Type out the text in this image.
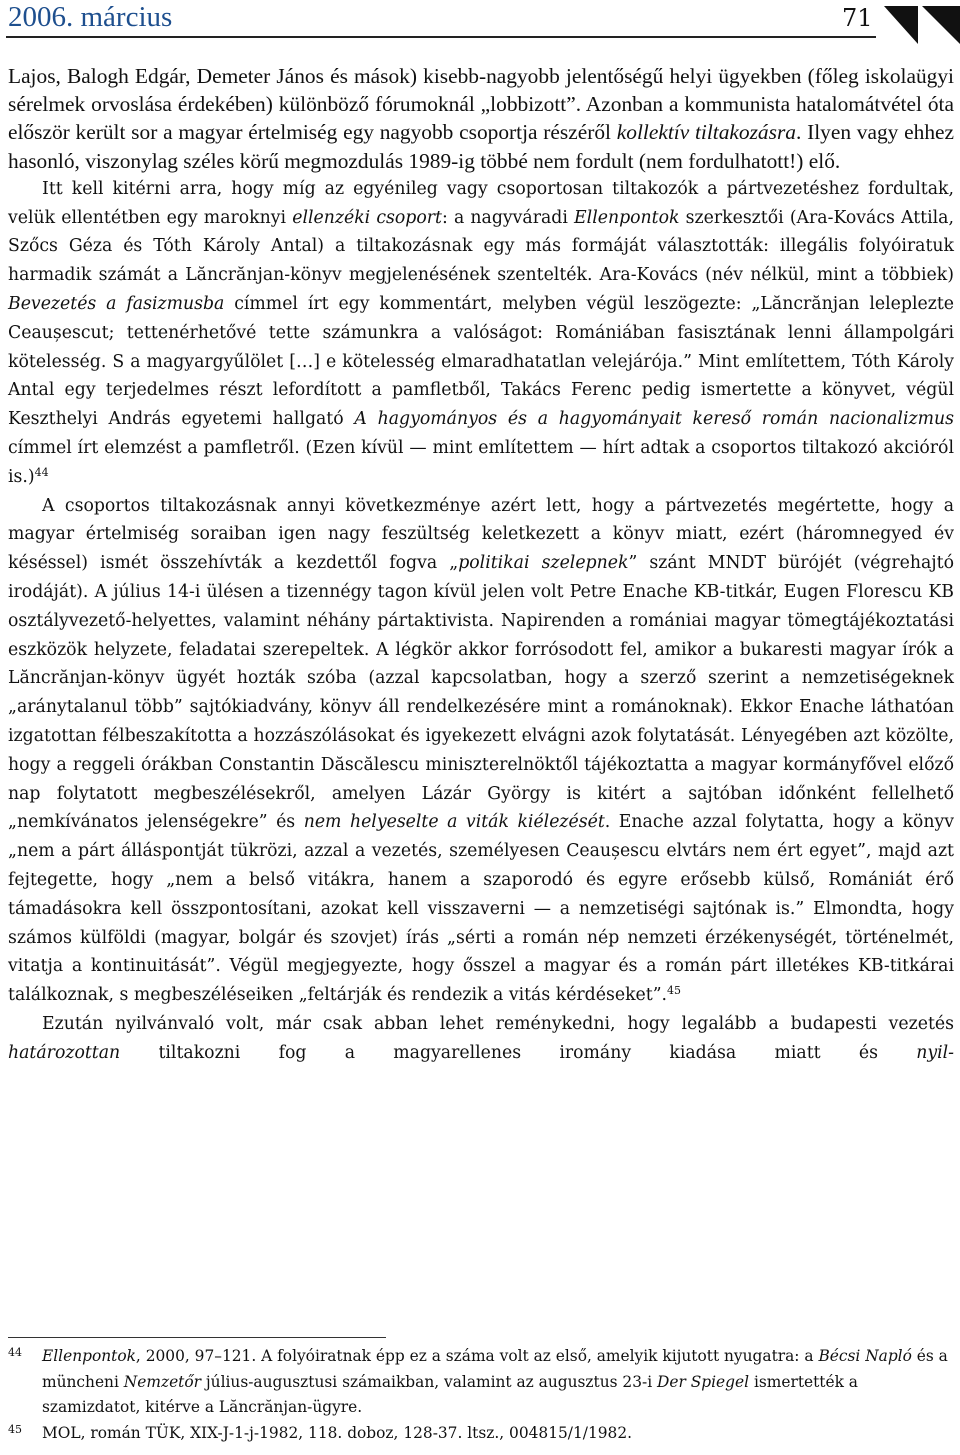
2006. március	71

Lajos, Balogh Edgár, Demeter János és mások) kisebb-nagyobb jelentőségű helyi ügyekben (főleg iskolaügyi sérelmek orvoslása érdekében) különböző fórumoknál „lobbizott”. Azonban a kommunista hatalomátvétel óta először került sor a magyar értelmiség egy nagyobb csoportja részéről kollektív tiltakozásra. Ilyen vagy ehhez hasonló, viszonylag széles körű megmozdulás 1989-ig többé nem fordult (nem fordulhatott!) elő.

Itt kell kitérni arra, hogy míg az egyénileg vagy csoportosan tiltakozók a pártvezetéshez fordultak, velük ellentétben egy maroknyi ellenzéki csoport: a nagyváradi Ellenpontok szerkesztői (Ara-Kovács Attila, Szőcs Géza és Tóth Károly Antal) a tiltakozásnak egy más formáját választották: illegális folyóiratuk harmadik számát a Lăncrănjan-könyv megjelenésének szentelték. Ara-Kovács (név nélkül, mint a többiek) Bevezetés a fasizmusba címmel írt egy kommentárt, melyben végül leszögezte: „Lăncrănjan leleplezte Ceaușescut; tettenérhetővé tette számunkra a valóságot: Romániában fasisztának lenni állampolgári kötelesség. S a magyargyűlölet […] e kötelesség elmaradhatatlan velejárója.” Mint említettem, Tóth Károly Antal egy terjedelmes részt lefordított a pamfletből, Takács Ferenc pedig ismertette a könyvet, végül Keszthelyi András egyetemi hallgató A hagyományos és a hagyományait kereső román nacionalizmus címmel írt elemzést a pamfletről. (Ezen kívül — mint említettem — hírt adtak a csoportos tiltakozó akcióról is.)$^{44}$

A csoportos tiltakozásnak annyi következménye azért lett, hogy a pártvezetés megértette, hogy a magyar értelmiség soraiban igen nagy feszültség keletkezett a könyv miatt, ezért (háromnegyed év késéssel) ismét összehívták a kezdettől fogva „politikai szelepnek” szánt MNDT bürójét (végrehajtó irodáját). A július 14-i ülésen a tizennégy tagon kívül jelen volt Petre Enache KB-titkár, Eugen Florescu KB osztályvezető-helyettes, valamint néhány pártaktivista. Napirenden a romániai magyar tömegtájékoztatási eszközök helyzete, feladatai szerepeltek. A légkör akkor forrósodott fel, amikor a bukaresti magyar írók a Lăncrănjan-könyv ügyét hozták szóba (azzal kapcsolatban, hogy a szerző szerint a nemzetiségeknek „aránytalanul több” sajtókiadvány, könyv áll rendelkezésére mint a románoknak). Ekkor Enache láthatóan izgatottan félbeszakította a hozzászólásokat és igyekezett elvágni azok folytatását. Lényegében azt közölte, hogy a reggeli órákban Constantin Dăscălescu miniszterelnöktől tájékoztatta a magyar kormányfővel előző nap folytatott megbeszélésekről, amelyen Lázár György is kitért a sajtóban időnként fellelhető „nemkívánatos jelenségekre” és nem helyeselte a viták kiélezését. Enache azzal folytatta, hogy a könyv „nem a párt álláspontját tükrözi, azzal a vezetés, személyesen Ceaușescu elvtárs nem ért egyet”, majd azt fejtegette, hogy „nem a belső vitákra, hanem a szaporodó és egyre erősebb külső, Romániát érő támadásokra kell összpontosítani, azokat kell visszaverni — a nemzetiségi sajtónak is.” Elmondta, hogy számos külföldi (magyar, bolgár és szovjet) írás „sérti a román nép nemzeti érzékenységét, történelmét, vitatja a kontinuitását”. Végül megjegyezte, hogy ősszel a magyar és a román párt illetékes KB-titkárai találkoznak, s megbeszéléseiken „feltárják és rendezik a vitás kérdéseket”.$^{45}$

Ezután nyilvánvaló volt, már csak abban lehet reménykedni, hogy legalább a budapesti vezetés határozottan tiltakozni fog a magyarellenes iromány kiadása miatt és nyil-

44 Ellenpontok, 2000, 97–121. A folyóiratnak épp ez a száma volt az első, amelyik kijutott nyugatra: a Bécsi Napló és a müncheni Nemzetőr július-augusztusi számaikban, valamint az augusztus 23-i Der Spiegel ismertették a szamizdatot, kitérve a Lăncrănjan-ügyre.

45 MOL, román TÜK, XIX-J-1-j-1982, 118. doboz, 128-37. ltsz., 004815/1/1982.
